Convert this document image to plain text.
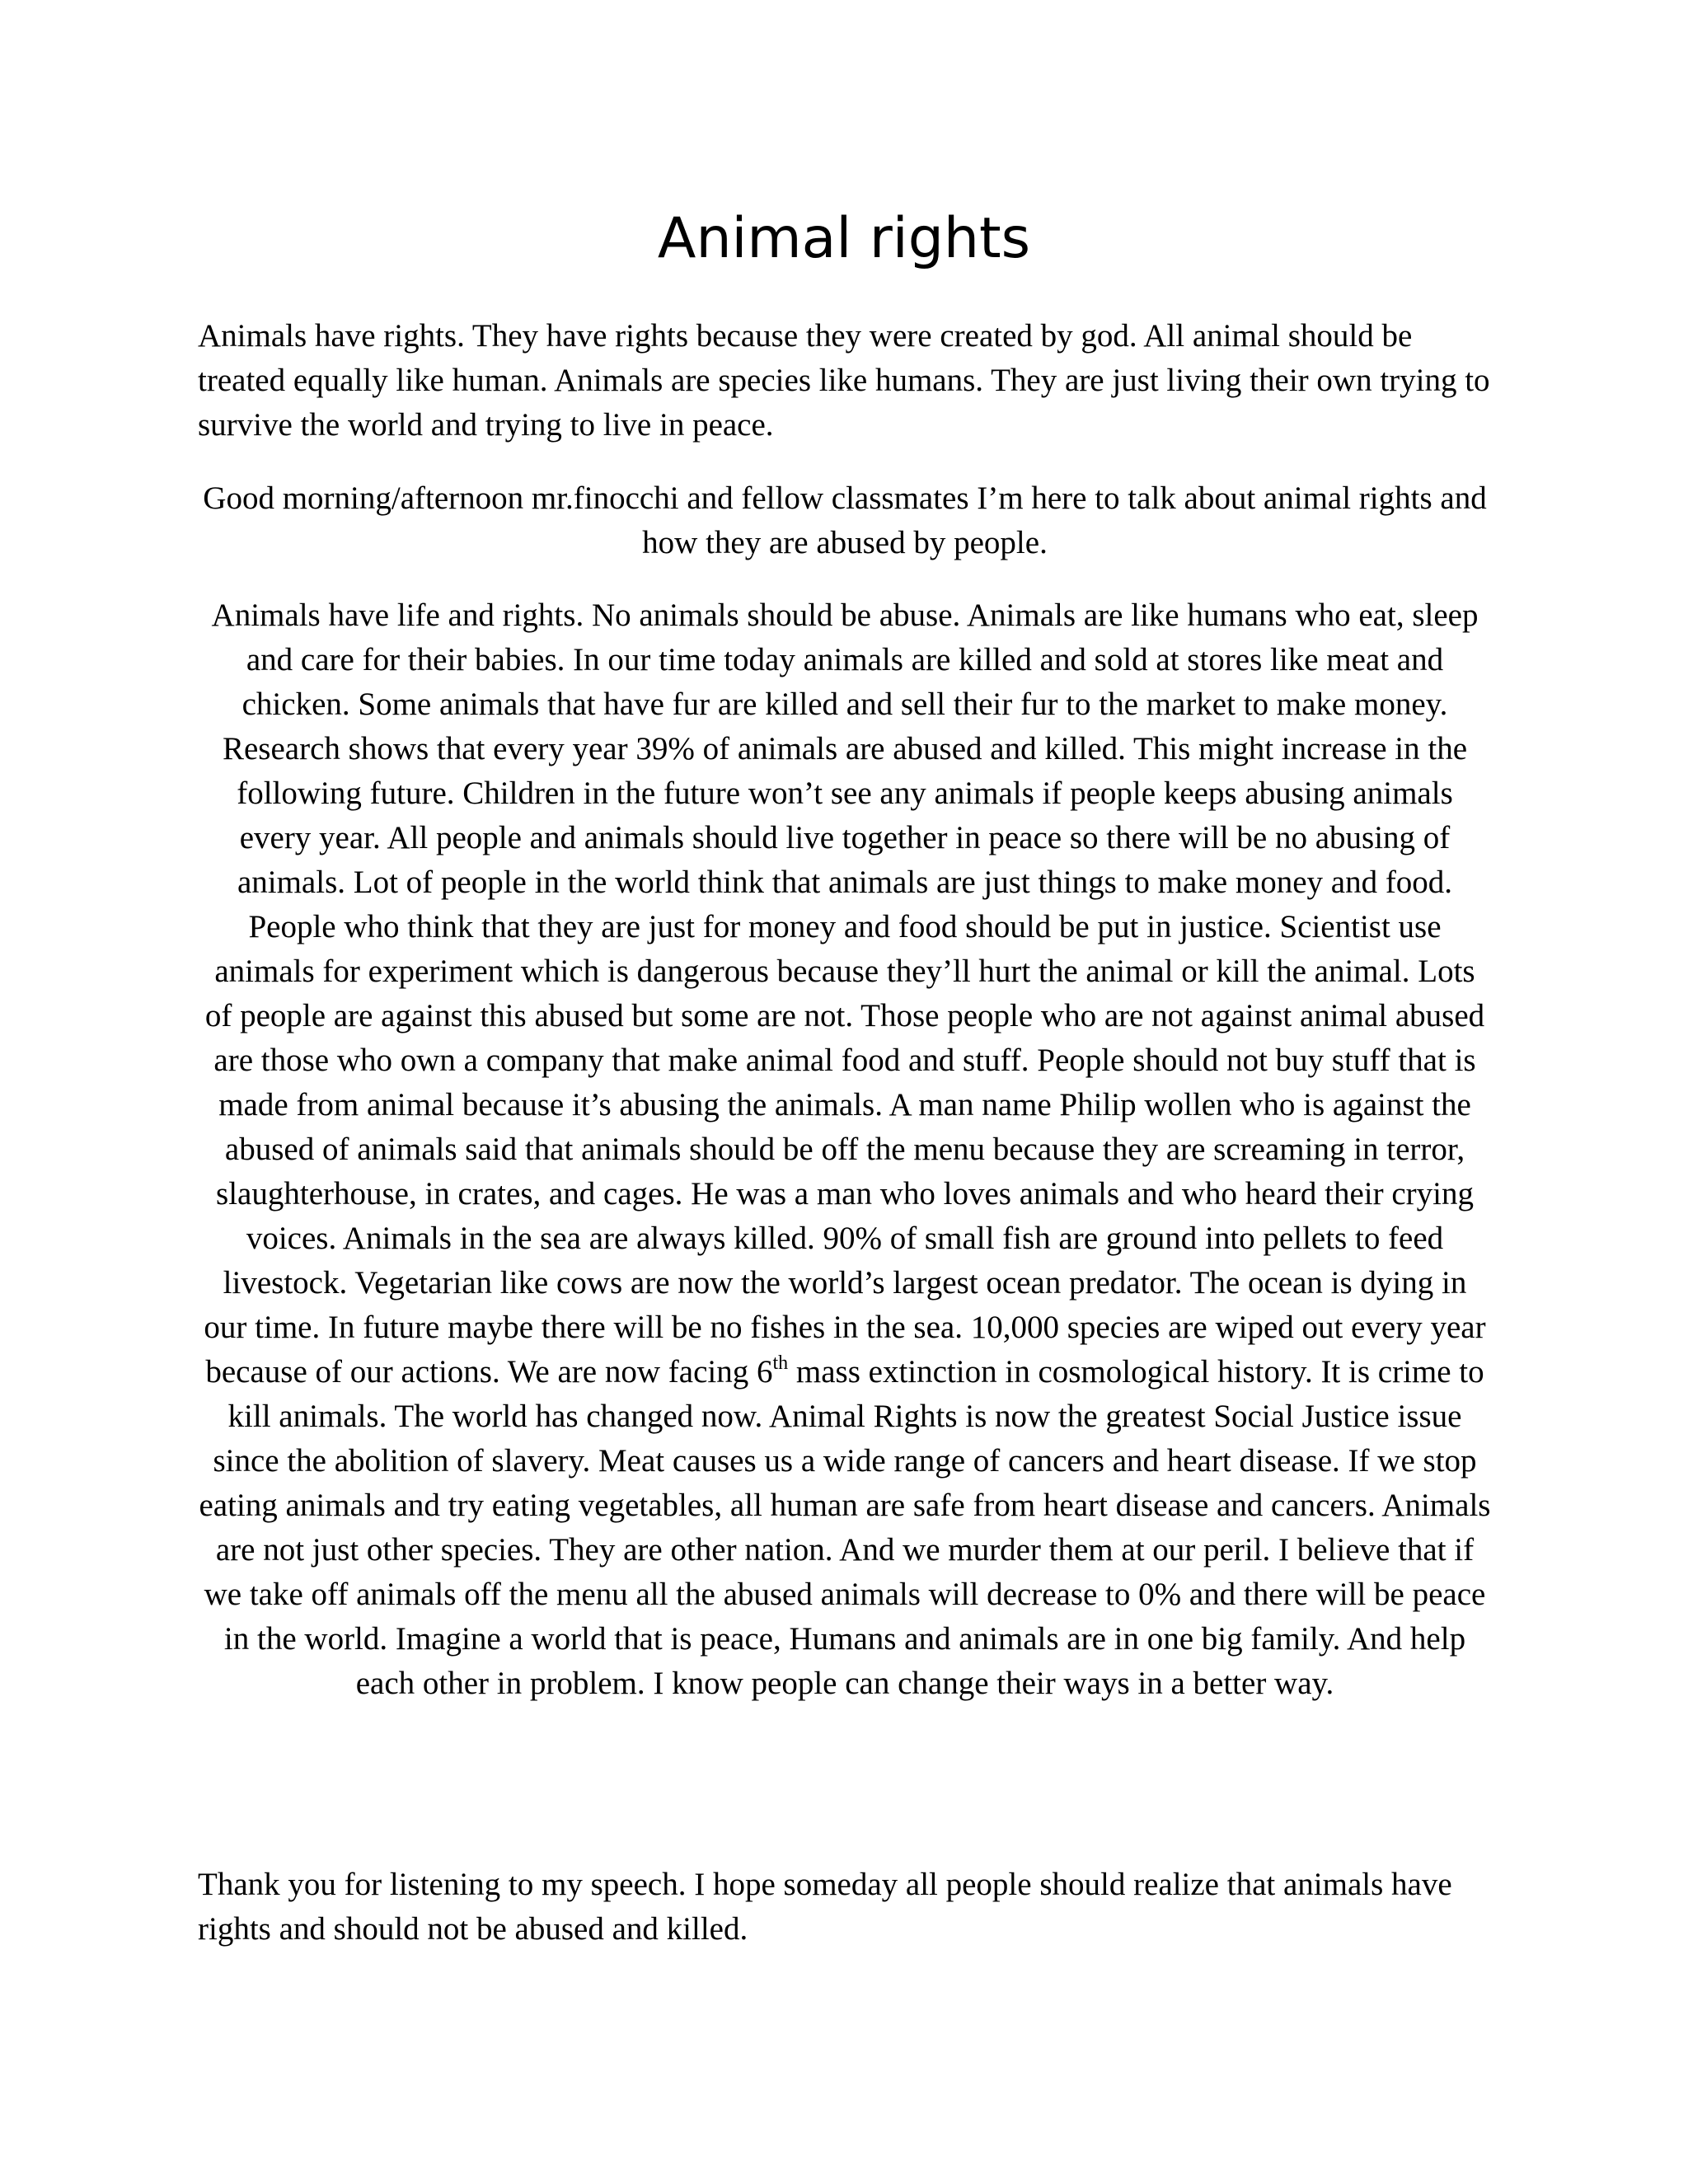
Animal rights

Animals have rights. They have rights because they were created by god. All animal should be treated equally like human. Animals are species like humans. They are just living their own trying to survive the world and trying to live in peace.

Good morning/afternoon mr.finocchi and fellow classmates I’m here to talk about animal rights and how they are abused by people.

Animals have life and rights. No animals should be abuse. Animals are like humans who eat, sleep and care for their babies. In our time today animals are killed and sold at stores like meat and chicken. Some animals that have fur are killed and sell their fur to the market to make money. Research shows that every year 39% of animals are abused and killed. This might increase in the following future. Children in the future won’t see any animals if people keeps abusing animals every year. All people and animals should live together in peace so there will be no abusing of animals. Lot of people in the world think that animals are just things to make money and food. People who think that they are just for money and food should be put in justice. Scientist use animals for experiment which is dangerous because they’ll hurt the animal or kill the animal. Lots of people are against this abused but some are not. Those people who are not against animal abused are those who own a company that make animal food and stuff. People should not buy stuff that is made from animal because it’s abusing the animals. A man name Philip wollen who is against the abused of animals said that animals should be off the menu because they are screaming in terror, slaughterhouse, in crates, and cages. He was a man who loves animals and who heard their crying voices. Animals in the sea are always killed. 90% of small fish are ground into pellets to feed livestock. Vegetarian like cows are now the world’s largest ocean predator. The ocean is dying in our time. In future maybe there will be no fishes in the sea. 10,000 species are wiped out every year because of our actions. We are now facing 6th mass extinction in cosmological history. It is crime to kill animals. The world has changed now. Animal Rights is now the greatest Social Justice issue since the abolition of slavery. Meat causes us a wide range of cancers and heart disease. If we stop eating animals and try eating vegetables, all human are safe from heart disease and cancers. Animals are not just other species. They are other nation. And we murder them at our peril. I believe that if we take off animals off the menu all the abused animals will decrease to 0% and there will be peace in the world. Imagine a world that is peace, Humans and animals are in one big family. And help each other in problem. I know people can change their ways in a better way.

Thank you for listening to my speech. I hope someday all people should realize that animals have rights and should not be abused and killed.
